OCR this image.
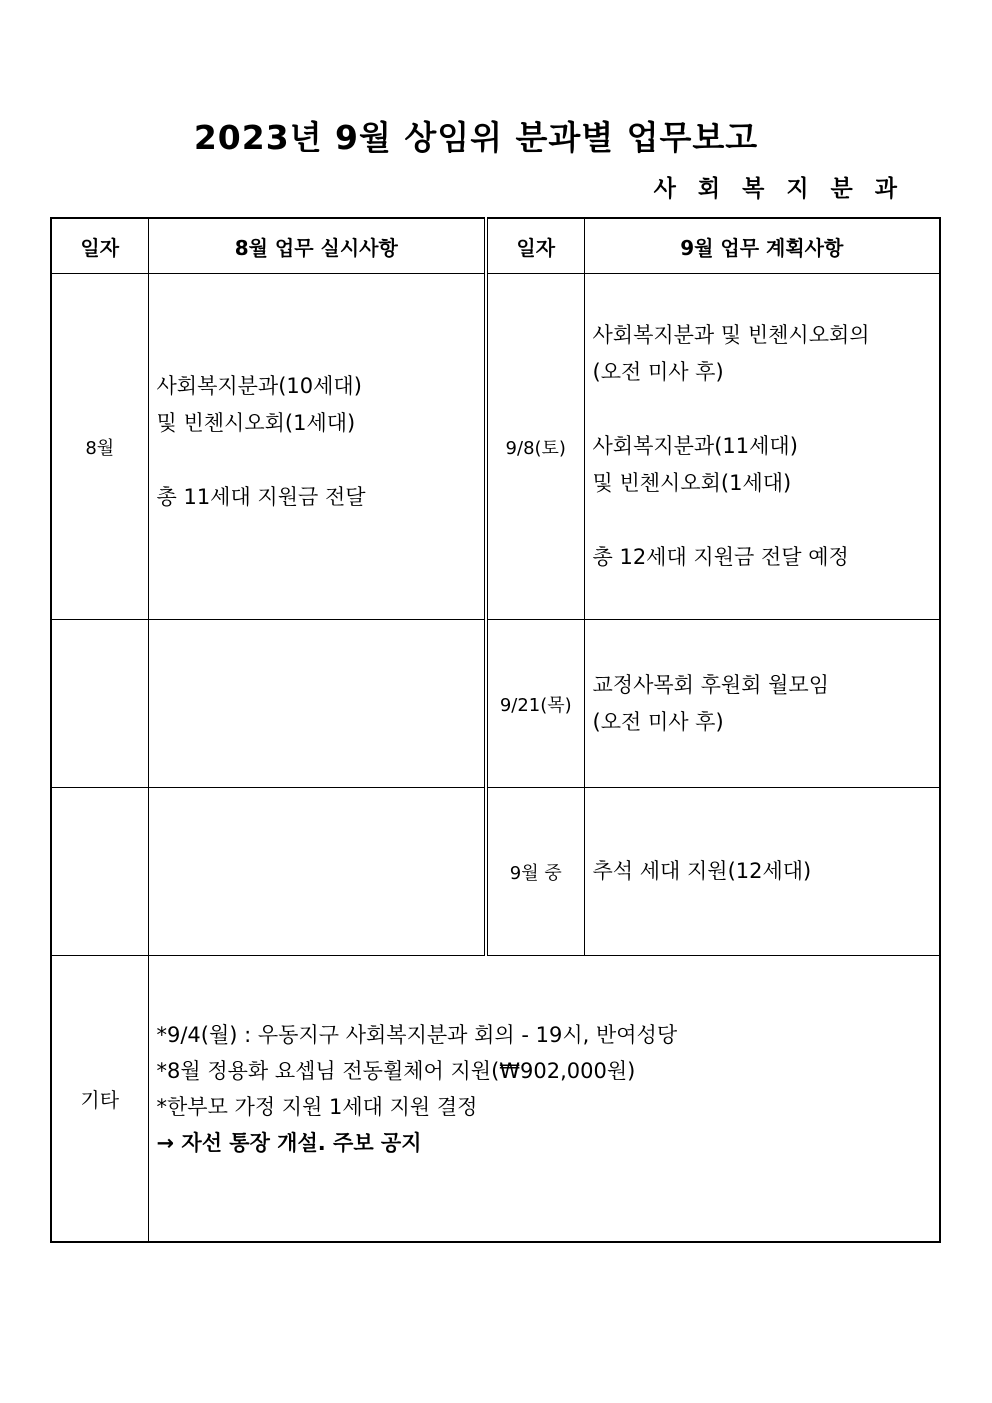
2023년 9월 상임위 분과별 업무보고
사 회 복 지 분 과
일자	8월 업무 실시사항	일자	9월 업무 계획사항
8월	사회복지분과(10세대)
및 빈첸시오회(1세대)
총 11세대 지원금 전달	9/8(토)	사회복지분과 및 빈첸시오회의
(오전 미사 후)
사회복지분과(11세대)
및 빈첸시오회(1세대)
총 12세대 지원금 전달 예정

		9/21(목)	교정사목회 후원회 월모임
(오전 미사 후)

		9월 중	추석 세대 지원(12세대)

기타	*9/4(월) : 우동지구 사회복지분과 회의 - 19시, 반여성당
*8월 정용화 요셉님 전동휠체어 지원(₩902,000원)
*한부모 가정 지원 1세대 지원 결정
→ 자선 통장 개설. 주보 공지		
